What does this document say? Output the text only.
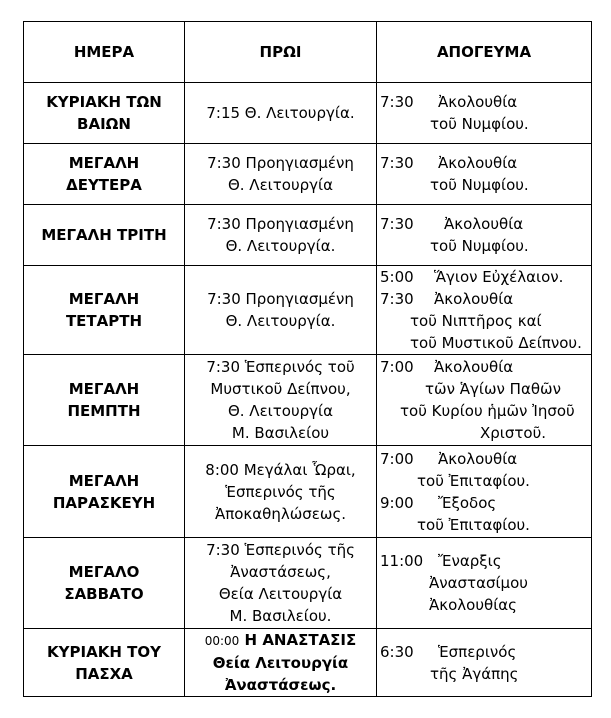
ΗΜΕΡΑ	ΠΡΩΙ	ΑΠΟΓΕΥΜΑ

ΚΥΡΙΑΚΗ ΤΩΝ
ΒΑΙΩΝ	7:15 Θ. Λειτουργία.	7:30 Ἀκολουθία
τοῦ Νυμφίου.

ΜΕΓΑΛΗ
ΔΕΥΤΕΡΑ	7:30 Προηγιασμένη
Θ. Λειτουργία	7:30 Ἀκολουθία
τοῦ Νυμφίου.

ΜΕΓΑΛΗ ΤΡΙΤΗ	7:30 Προηγιασμένη
Θ. Λειτουργία.	7:30 Ἀκολουθία
τοῦ Νυμφίου.

ΜΕΓΑΛΗ
ΤΕΤΑΡΤΗ	7:30 Προηγιασμένη
Θ. Λειτουργία.	5:00 Ἅγιον Εὐχέλαιον.
7:30 Ἀκολουθία
τοῦ Νιπτῆρος καί
τοῦ Μυστικοῦ Δείπνου.

ΜΕΓΑΛΗ
ΠΕΜΠΤΗ	7:30 Ἑσπερινός τοῦ
Μυστικοῦ Δείπνου,
Θ. Λειτουργία
Μ. Βασιλείου	7:00 Ἀκολουθία
τῶν Ἁγίων Παθῶν
τοῦ Κυρίου ἡμῶν Ἰησοῦ
Χριστοῦ.

ΜΕΓΑΛΗ
ΠΑΡΑΣΚΕΥΗ	8:00 Μεγάλαι Ὧραι,
Ἑσπερινός τῆς
Ἀποκαθηλώσεως.	7:00 Ἀκολουθία
τοῦ Ἐπιταφίου.
9:00 Ἔξοδος
τοῦ Ἐπιταφίου.

ΜΕΓΑΛΟ
ΣΑΒΒΑΤΟ	7:30 Ἑσπερινός τῆς
Ἀναστάσεως,
Θεία Λειτουργία
Μ. Βασιλείου.	11:00 Ἔναρξις
Ἀναστασίμου
Ἀκολουθίας

ΚΥΡΙΑΚΗ ΤΟΥ
ΠΑΣΧΑ	00:00 Η ΑΝΑΣΤΑΣΙΣ
Θεία Λειτουργία
Ἀναστάσεως.	6:30 Ἑσπερινός
τῆς Ἀγάπης
